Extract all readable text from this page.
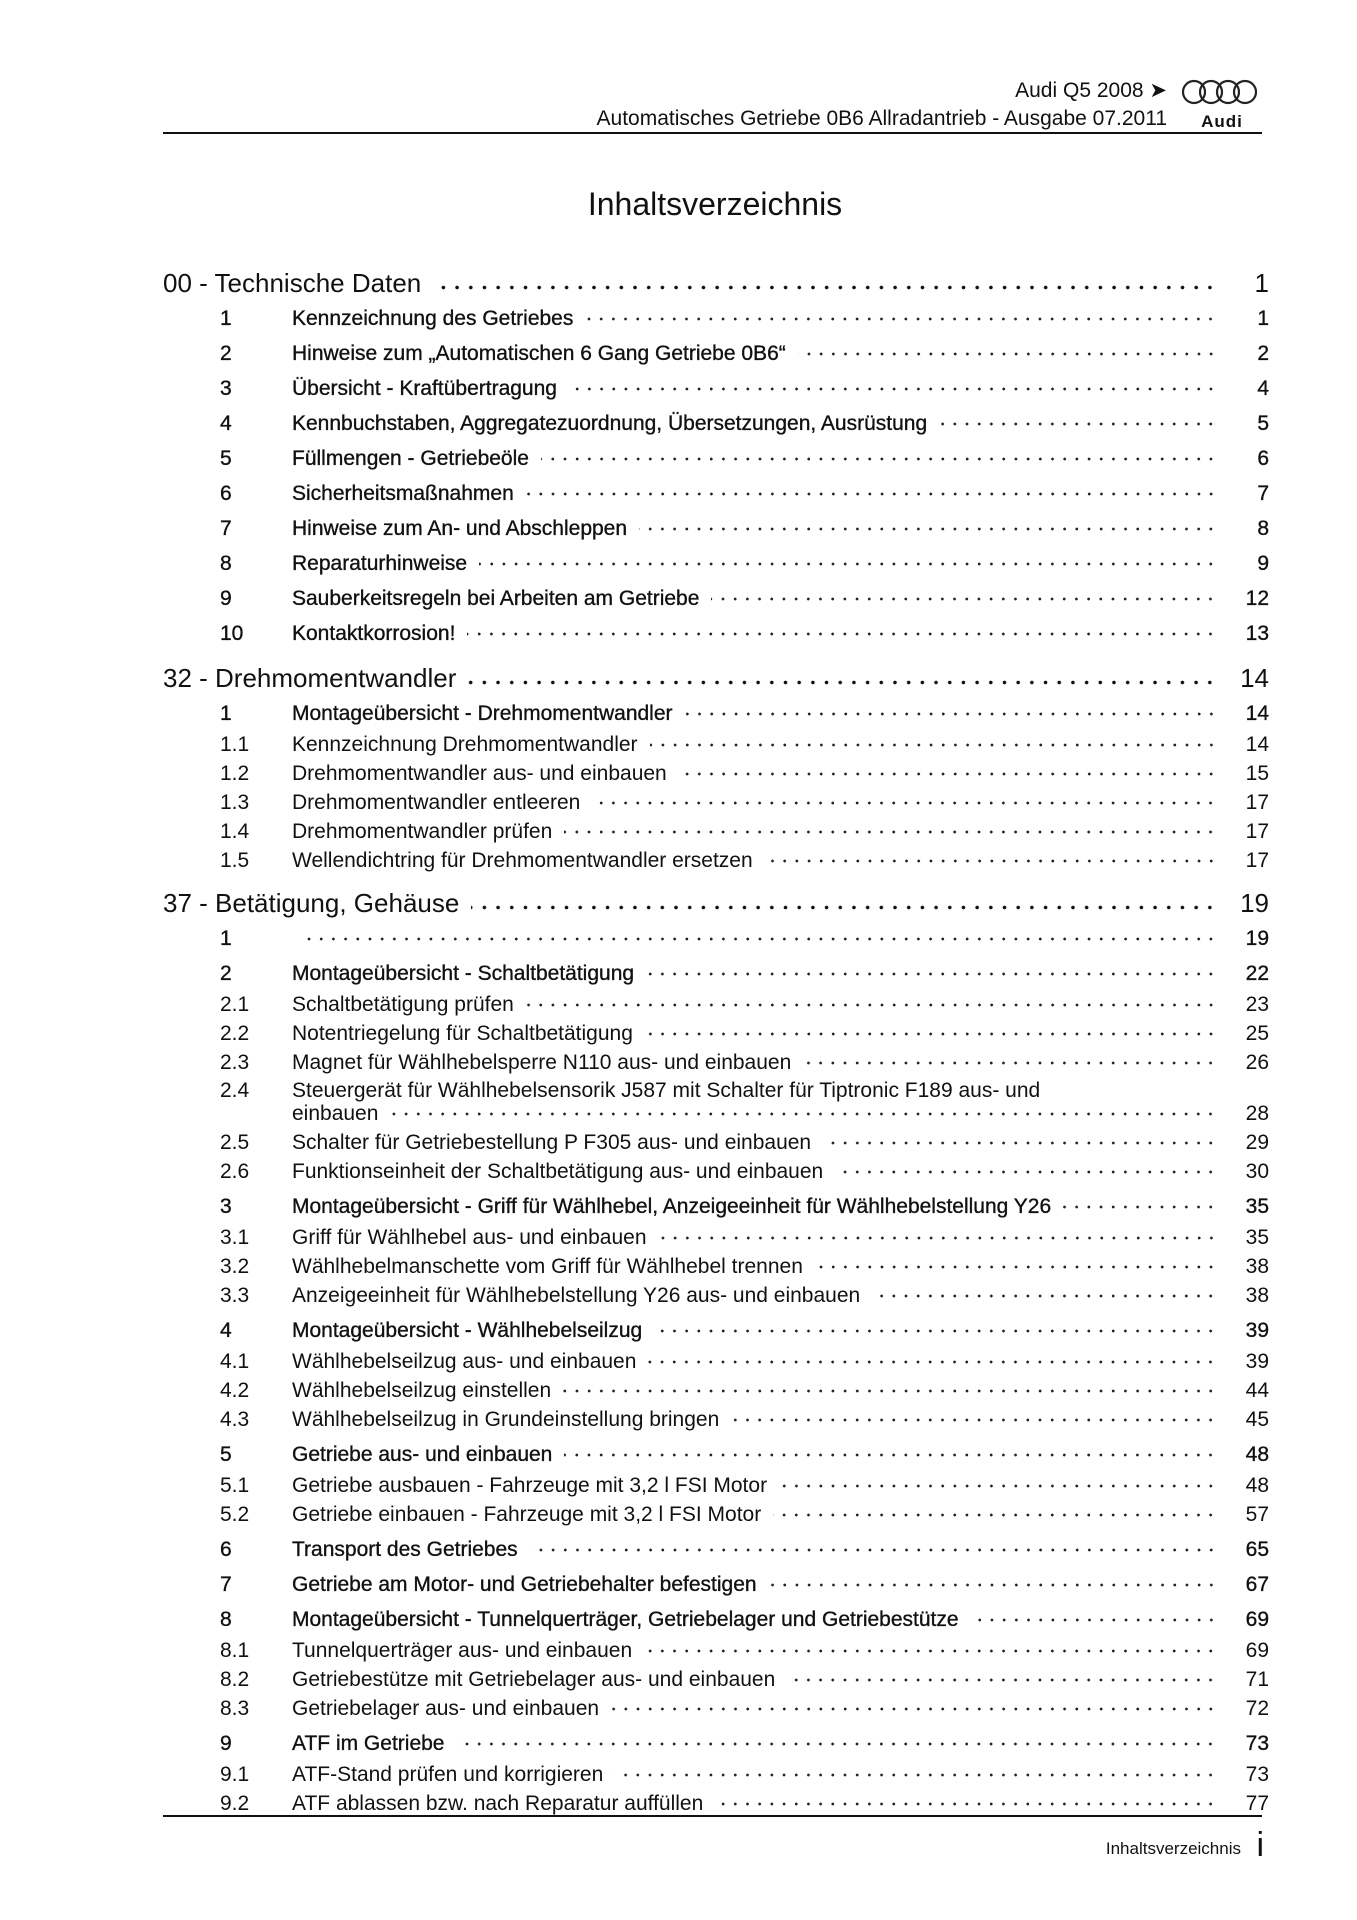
Audi Q5 2008 ➤
Automatisches Getriebe 0B6 Allradantrieb - Ausgabe 07.2011	Audi
Inhaltsverzeichnis
00 - Technische Daten	1
1	Kennzeichnung des Getriebes	1
2	Hinweise zum „Automatischen 6 Gang Getriebe 0B6“	2
3	Übersicht - Kraftübertragung	4
4	Kennbuchstaben, Aggregatezuordnung, Übersetzungen, Ausrüstung	5
5	Füllmengen - Getriebeöle	6
6	Sicherheitsmaßnahmen	7
7	Hinweise zum An- und Abschleppen	8
8	Reparaturhinweise	9
9	Sauberkeitsregeln bei Arbeiten am Getriebe	12
10 Kontaktkorrosion!	13
32 - Drehmomentwandler	14
1	Montageübersicht - Drehmomentwandler	14
1.1 Kennzeichnung Drehmomentwandler	14
1.2 Drehmomentwandler aus- und einbauen	15
1.3 Drehmomentwandler entleeren	17
1.4 Drehmomentwandler prüfen	17
1.5 Wellendichtring für Drehmomentwandler ersetzen	17
37 - Betätigung, Gehäuse	19
1	19
2	Montageübersicht - Schaltbetätigung	22
2.1 Schaltbetätigung prüfen	23
2.2 Notentriegelung für Schaltbetätigung	25
2.3 Magnet für Wählhebelsperre N110 aus- und einbauen	26
2.4 Steuergerät für Wählhebelsensorik J587 mit Schalter für Tiptronic F189 aus- und
einbauen	28
2.5 Schalter für Getriebestellung P F305 aus- und einbauen	29
2.6 Funktionseinheit der Schaltbetätigung aus- und einbauen	30
3	Montageübersicht - Griff für Wählhebel, Anzeigeeinheit für Wählhebelstellung Y26	35
3.1 Griff für Wählhebel aus- und einbauen	35
3.2 Wählhebelmanschette vom Griff für Wählhebel trennen	38
3.3 Anzeigeeinheit für Wählhebelstellung Y26 aus- und einbauen	38
4	Montageübersicht - Wählhebelseilzug	39
4.1 Wählhebelseilzug aus- und einbauen	39
4.2 Wählhebelseilzug einstellen	44
4.3 Wählhebelseilzug in Grundeinstellung bringen	45
5	Getriebe aus- und einbauen	48
5.1 Getriebe ausbauen - Fahrzeuge mit 3,2 l FSI Motor	48
5.2 Getriebe einbauen - Fahrzeuge mit 3,2 l FSI Motor	57
6	Transport des Getriebes	65
7	Getriebe am Motor- und Getriebehalter befestigen	67
8	Montageübersicht - Tunnelquerträger, Getriebelager und Getriebestütze	69
8.1 Tunnelquerträger aus- und einbauen	69
8.2 Getriebestütze mit Getriebelager aus- und einbauen	71
8.3 Getriebelager aus- und einbauen	72
9	ATF im Getriebe	73
9.1 ATF-Stand prüfen und korrigieren	73
9.2 ATF ablassen bzw. nach Reparatur auffüllen	77
Inhaltsverzeichnis i
